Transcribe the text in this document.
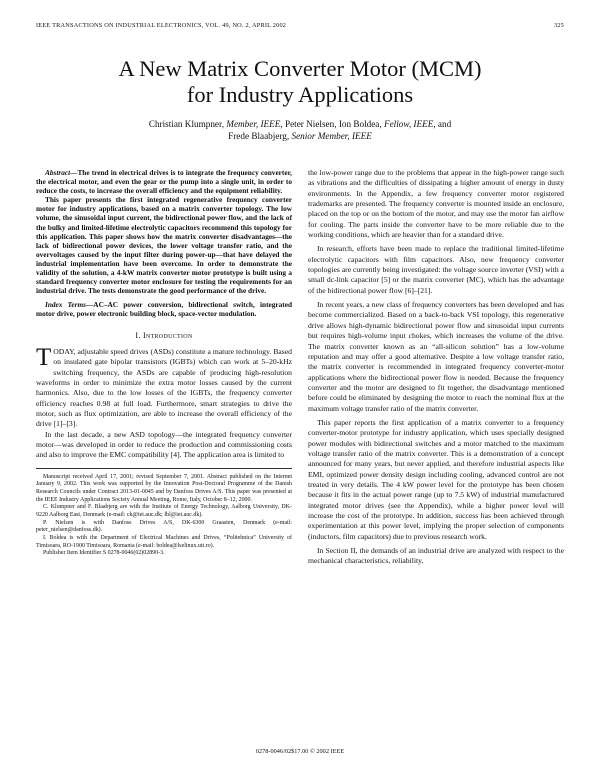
IEEE TRANSACTIONS ON INDUSTRIAL ELECTRONICS, VOL. 49, NO. 2, APRIL 2002	325
A New Matrix Converter Motor (MCM)
for Industry Applications
Christian Klumpner, Member, IEEE, Peter Nielsen, Ion Boldea, Fellow, IEEE, and
Frede Blaabjerg, Senior Member, IEEE

Abstract—The trend in electrical drives is to integrate the frequency converter, the electrical motor, and even the gear or the pump into a single unit, in order to reduce the costs, to increase the overall efficiency and the equipment reliability.

This paper presents the first integrated regenerative frequency converter motor for industry applications, based on a matrix converter topology. The low volume, the sinusoidal input current, the bidirectional power flow, and the lack of the bulky and limited-lifetime electrolytic capacitors recommend this topology for this application. This paper shows how the matrix converter disadvantages—the lack of bidirectional power devices, the lower voltage transfer ratio, and the overvoltages caused by the input filter during power-up—that have delayed the industrial implementation have been overcome. In order to demonstrate the validity of the solution, a 4-kW matrix converter motor prototype is built using a standard frequency converter motor enclosure for testing the requirements for an industrial drive. The tests demonstrate the good performance of the drive.

Index Terms—AC–AC power conversion, bidirectional switch, integrated motor drive, power electronic building block, space-vector modulation.

I. Introduction

TODAY, adjustable speed drives (ASDs) constitute a mature technology. Based on insulated gate bipolar transistors (IGBTs) which can work at 5–20-kHz switching frequency, the ASDs are capable of producing high-resolution waveforms in order to minimize the extra motor losses caused by the current harmonics. Also, due to the low losses of the IGBTs, the frequency converter efficiency reaches 0.98 at full load. Furthermore, smart strategies to drive the motor, such as flux optimization, are able to increase the overall efficiency of the drive [1]–[3].

In the last decade, a new ASD topology—the integrated frequency converter motor—was developed in order to reduce the production and commissioning costs and also to improve the EMC compatibility [4]. The application area is limited to

Manuscript received April 17, 2001; revised September 7, 2001. Abstract published on the Internet January 9, 2002. This work was supported by the Innovation Post-Doctoral Programme of the Danish Research Councils under Contract 2013-01-0045 and by Danfoss Drives A/S. This paper was presented at the IEEE Industry Applications Society Annual Meeting, Rome, Italy, October 8–12, 2000.

C. Klumpner and F. Blaabjerg are with the Institute of Energy Technology, Aalborg University, DK-9220 Aalborg East, Denmark (e-mail: ck@iet.auc.dk; fbl@iet.auc.dk).

P. Nielsen is with Danfoss Drives A/S, DK-6300 Graasten, Denmark (e-mail: peter_nielsen@danfoss.dk).

I. Boldea is with the Department of Electrical Machines and Drives, “Politehnica” University of Timisoara, RO-1900 Timisoara, Romania (e-mail: boldea@lselinux.utt.ro).

Publisher Item Identifier S 0278-0046(02)02890-3.

the low-power range due to the problems that appear in the high-power range such as vibrations and the difficulties of dissipating a higher amount of energy in dusty environments. In the Appendix, a few frequency converter motor registered trademarks are presented. The frequency converter is mounted inside an enclosure, placed on the top or on the bottom of the motor, and may use the motor fan airflow for cooling. The parts inside the converter have to be more reliable due to the working conditions, which are heavier than for a standard drive.

In research, efforts have been made to replace the traditional limited-lifetime electrolytic capacitors with film capacitors. Also, new frequency converter topologies are currently being investigated: the voltage source inverter (VSI) with a small dc-link capacitor [5] or the matrix converter (MC), which has the advantage of the bidirectional power flow [6]–[21].

In recent years, a new class of frequency converters has been developed and has become commercialized. Based on a back-to-back VSI topology, this regenerative drive allows high-dynamic bidirectional power flow and sinusoidal input currents but requires high-volume input chokes, which increases the volume of the drive. The matrix converter known as an “all-silicon solution” has a low-volume reputation and may offer a good alternative. Despite a low voltage transfer ratio, the matrix converter is recommended in integrated frequency converter-motor applications where the bidirectional power flow is needed. Because the frequency converter and the motor are designed to fit together, the disadvantage mentioned before could be eliminated by designing the motor to reach the nominal flux at the maximum voltage transfer ratio of the matrix converter.

This paper reports the first application of a matrix converter to a frequency converter-motor prototype for industry application, which uses specially designed power modules with bidirectional switches and a motor matched to the maximum voltage transfer ratio of the matrix converter. This is a demonstration of a concept announced for many years, but never applied, and therefore industrial aspects like EMI, optimized power density design including cooling, advanced control are not treated in very details. The 4 kW power level for the prototype has been chosen because it fits in the actual power range (up to 7.5 kW) of industrial manufactured integrated motor drives (see the Appendix), while a higher power level will increase the cost of the prototype. In addition, success has been achieved through experimentation at this power level, implying the proper selection of components (inductors, film capacitors) due to previous research work.

In Section II, the demands of an industrial drive are analyzed with respect to the mechanical characteristics, reliability,

0278-0046/02$17.00 © 2002 IEEE
